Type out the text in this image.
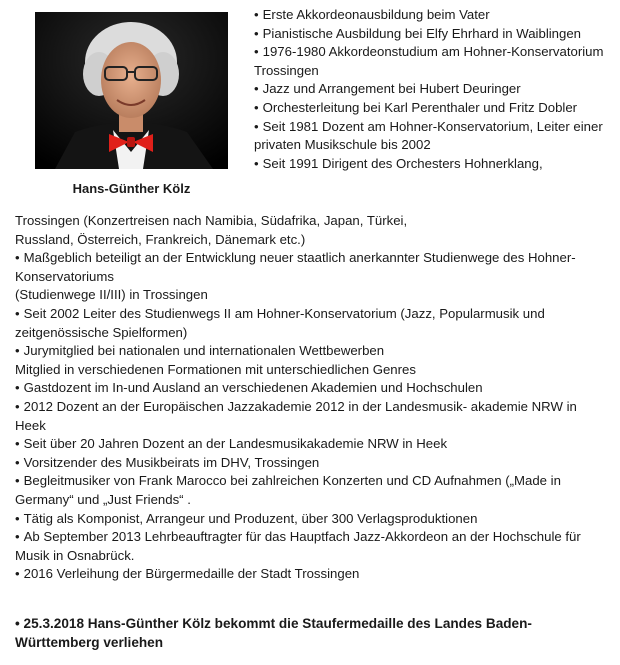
Hans-Günther Kölz
• Erste Akkordeonausbildung beim Vater
• Pianistische Ausbildung bei Elfy Ehrhard in Waiblingen
• 1976-1980 Akkordeonstudium am Hohner-Konservatorium Trossingen
• Jazz und Arrangement bei Hubert Deuringer
• Orchesterleitung bei Karl Perenthaler und Fritz Dobler
• Seit 1981 Dozent am Hohner-Konservatorium, Leiter einer privaten Musikschule bis 2002
• Seit 1991 Dirigent des Orchesters Hohnerklang,
Trossingen (Konzertreisen nach Namibia, Südafrika, Japan, Türkei,
Russland, Österreich, Frankreich, Dänemark etc.)
• Maßgeblich beteiligt an der Entwicklung neuer staatlich anerkannter Studienwege des Hohner- Konservatoriums
(Studienwege II/III) in Trossingen
• Seit 2002 Leiter des Studienwegs II am Hohner-Konservatorium (Jazz, Popularmusik und zeitgenössische Spielformen)
• Jurymitglied bei nationalen und internationalen Wettbewerben
Mitglied in verschiedenen Formationen mit unterschiedlichen Genres
• Gastdozent im In-und Ausland an verschiedenen Akademien und Hochschulen
• 2012 Dozent an der Europäischen Jazzakademie 2012 in der Landesmusik- akademie NRW in Heek
• Seit über 20 Jahren Dozent an der Landesmusikakademie NRW in Heek
• Vorsitzender des Musikbeirats im DHV, Trossingen
• Begleitmusiker von Frank Marocco bei zahlreichen Konzerten und CD Aufnahmen („Made in Germany“ und „Just Friends“ .
• Tätig als Komponist, Arrangeur und Produzent, über 300 Verlagsproduktionen
• Ab September 2013 Lehrbeauftragter für das Hauptfach Jazz-Akkordeon an der Hochschule für Musik in Osnabrück.
• 2016 Verleihung der Bürgermedaille der Stadt Trossingen
• 25.3.2018 Hans-Günther Kölz bekommt die Staufermedaille des Landes Baden-Württemberg verliehen
